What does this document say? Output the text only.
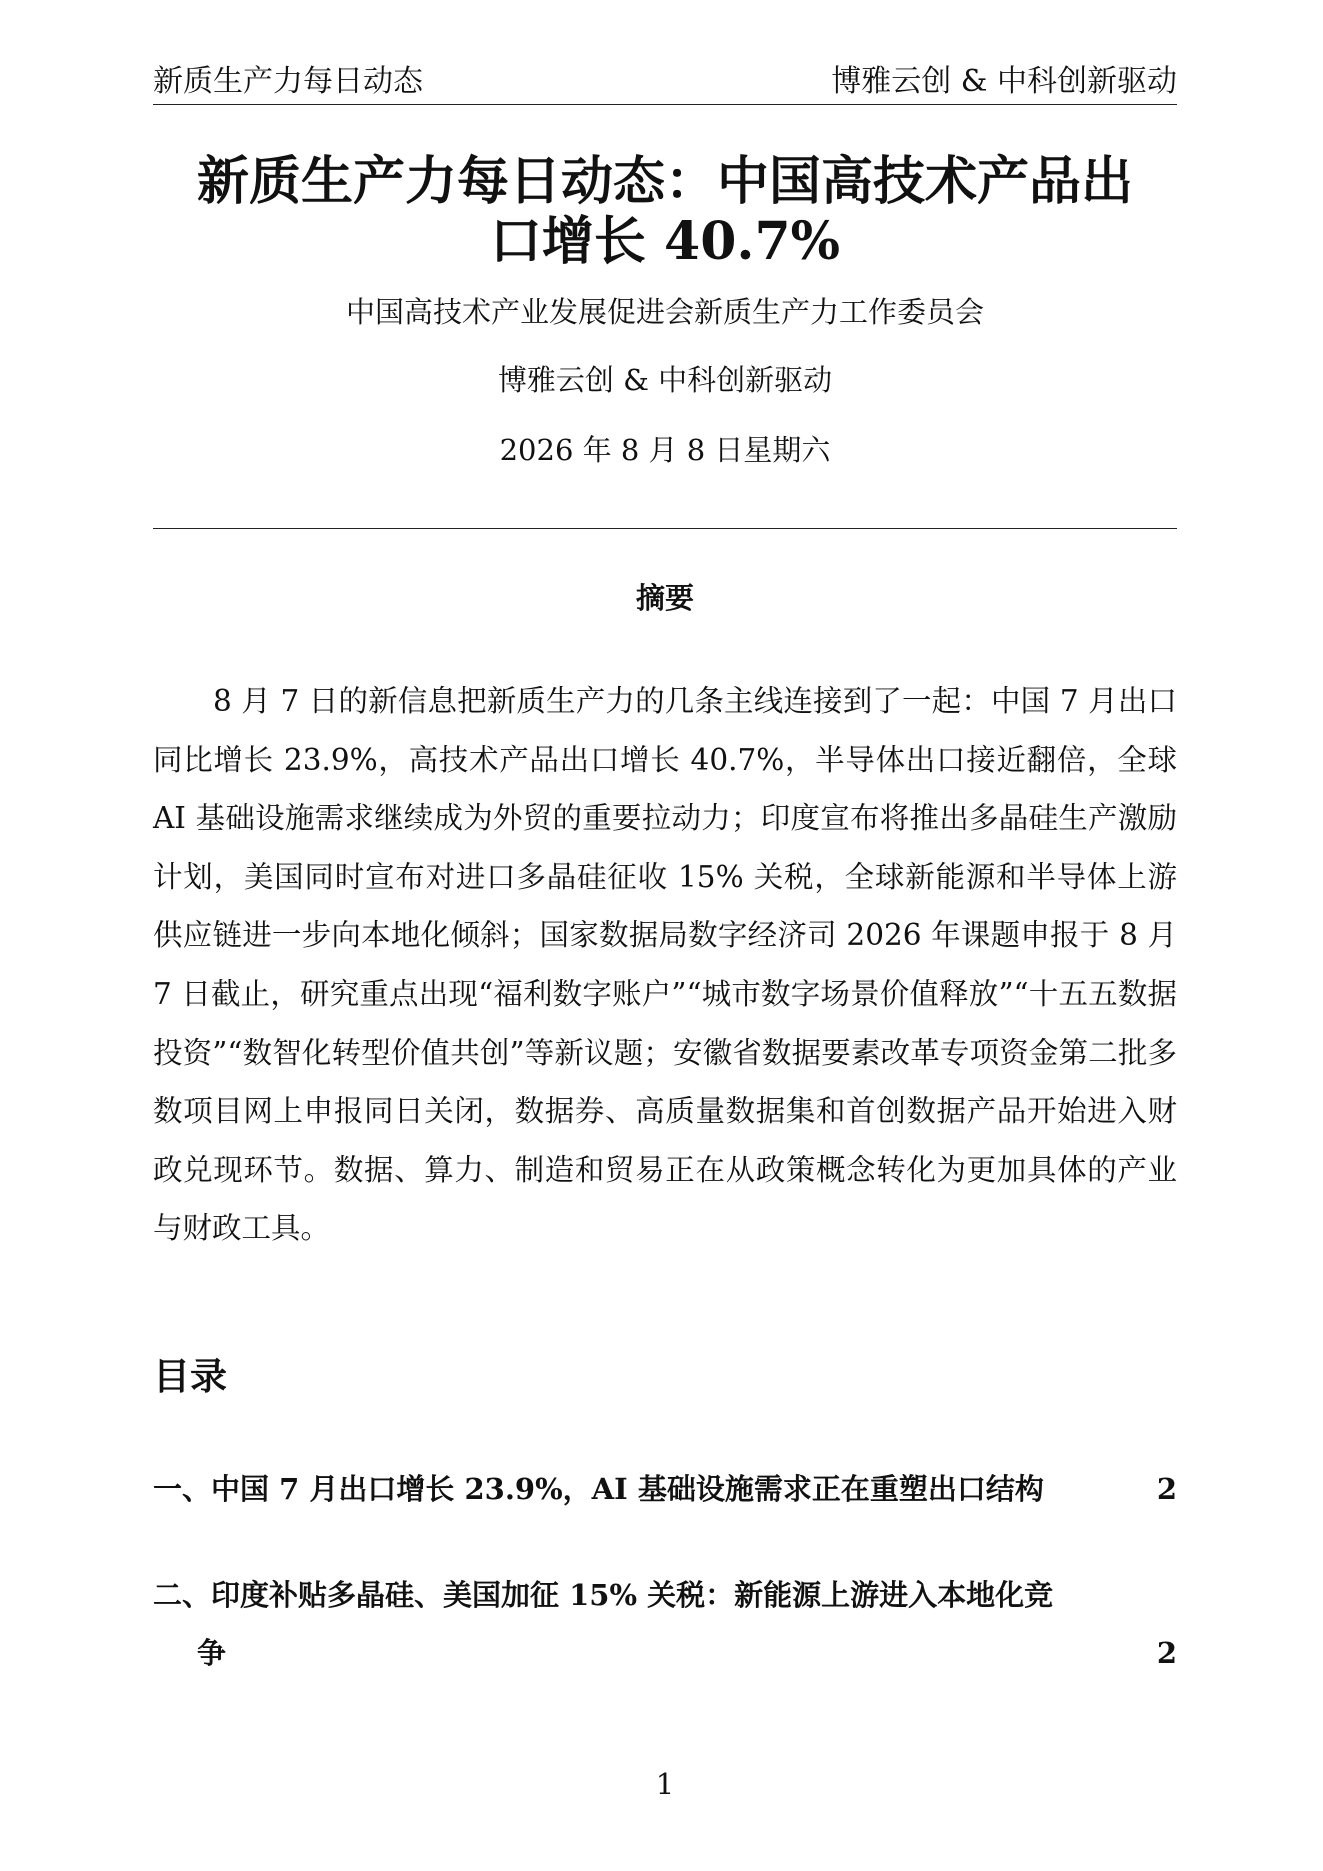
新质生产力每日动态	博雅云创 & 中科创新驱动
新质生产力每日动态：中国高技术产品出
口增长 40.7%
中国高技术产业发展促进会新质生产力工作委员会
博雅云创 & 中科创新驱动
2026 年 8 月 8 日星期六
摘要

8 月 7 日的新信息把新质生产力的几条主线连接到了一起：中国 7 月出口同比增长 23.9%，高技术产品出口增长 40.7%，半导体出口接近翻倍，全球 AI 基础设施需求继续成为外贸的重要拉动力；印度宣布将推出多晶硅生产激励计划，美国同时宣布对进口多晶硅征收 15% 关税，全球新能源和半导体上游供应链进一步向本地化倾斜；国家数据局数字经济司 2026 年课题申报于 8 月 7 日截止，研究重点出现“福利数字账户”“城市数字场景价值释放”“十五五数据投资”“数智化转型价值共创”等新议题；安徽省数据要素改革专项资金第二批多数项目网上申报同日关闭，数据券、高质量数据集和首创数据产品开始进入财政兑现环节。数据、算力、制造和贸易正在从政策概念转化为更加具体的产业与财政工具。

目录
一、中国 7 月出口增长 23.9%，AI 基础设施需求正在重塑出口结构	2
二、印度补贴多晶硅、美国加征 15% 关税：新能源上游进入本地化竞
争	2
1
